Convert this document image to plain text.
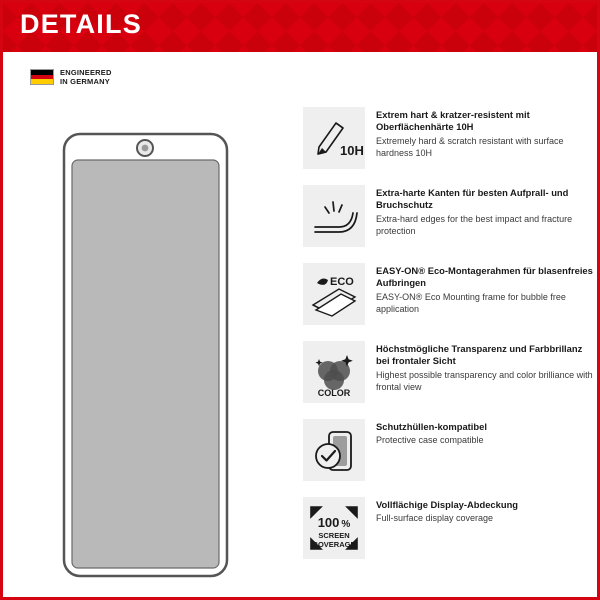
DETAILS
ENGINEERED
IN GERMANY
10H

Extrem hart & kratzer-resistent mit Oberflächenhärte 10H

Extremely hard & scratch resistant with surface hardness 10H

Extra-harte Kanten für besten Aufprall- und Bruchschutz

Extra-hard edges for the best impact and fracture protection

ECO

EASY-ON® Eco-Montagerahmen für blasenfreies Aufbringen

EASY-ON® Eco Mounting frame for bubble free application

COLOR

Höchstmögliche Transparenz und Farbbrillanz bei frontaler Sicht

Highest possible transparency and color brilliance with frontal view

Schutzhüllen-kompatibel

Protective case compatible

100 %
SCREEN
COVERAGE

Vollflächige Display-Abdeckung

Full-surface display coverage
